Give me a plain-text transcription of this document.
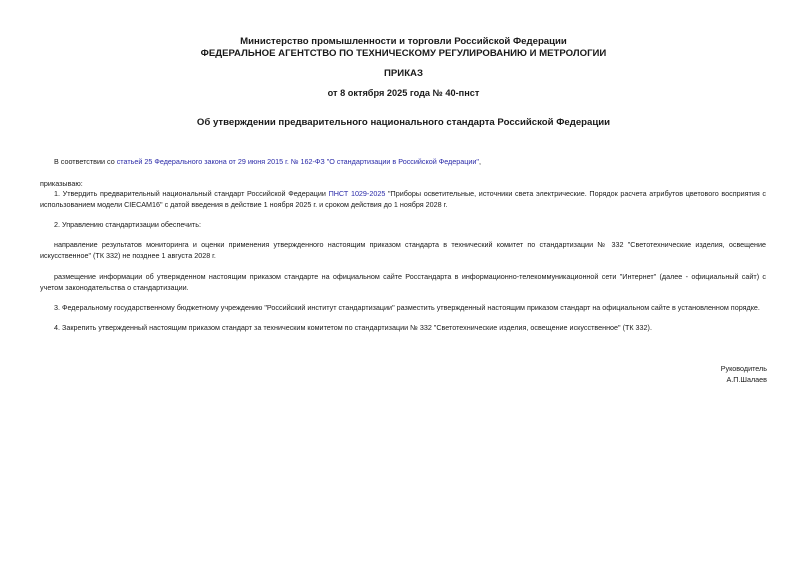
Министерство промышленности и торговли Российской Федерации
ФЕДЕРАЛЬНОЕ АГЕНТСТВО ПО ТЕХНИЧЕСКОМУ РЕГУЛИРОВАНИЮ И МЕТРОЛОГИИ
ПРИКАЗ
от 8 октября 2025 года № 40-пнст
Об утверждении предварительного национального стандарта Российской Федерации

В соответствии со статьей 25 Федерального закона от 29 июня 2015 г. № 162-ФЗ "О стандартизации в Российской Федерации",

приказываю:

1. Утвердить предварительный национальный стандарт Российской Федерации ПНСТ 1029-2025 "Приборы осветительные, источники света электрические. Порядок расчета атрибутов цветового восприятия с использованием модели CIECAM16" с датой введения в действие 1 ноября 2025 г. и сроком действия до 1 ноября 2028 г.

2. Управлению стандартизации обеспечить:

направление результатов мониторинга и оценки применения утвержденного настоящим приказом стандарта в технический комитет по стандартизации № 332 "Светотехнические изделия, освещение искусственное" (ТК 332) не позднее 1 августа 2028 г.

размещение информации об утвержденном настоящим приказом стандарте на официальном сайте Росстандарта в информационно-телекоммуникационной сети "Интернет" (далее - официальный сайт) с учетом законодательства о стандартизации.

3. Федеральному государственному бюджетному учреждению "Российский институт стандартизации" разместить утвержденный настоящим приказом стандарт на официальном сайте в установленном порядке.

4. Закрепить утвержденный настоящим приказом стандарт за техническим комитетом по стандартизации № 332 "Светотехнические изделия, освещение искусственное" (ТК 332).

Руководитель
А.П.Шалаев
